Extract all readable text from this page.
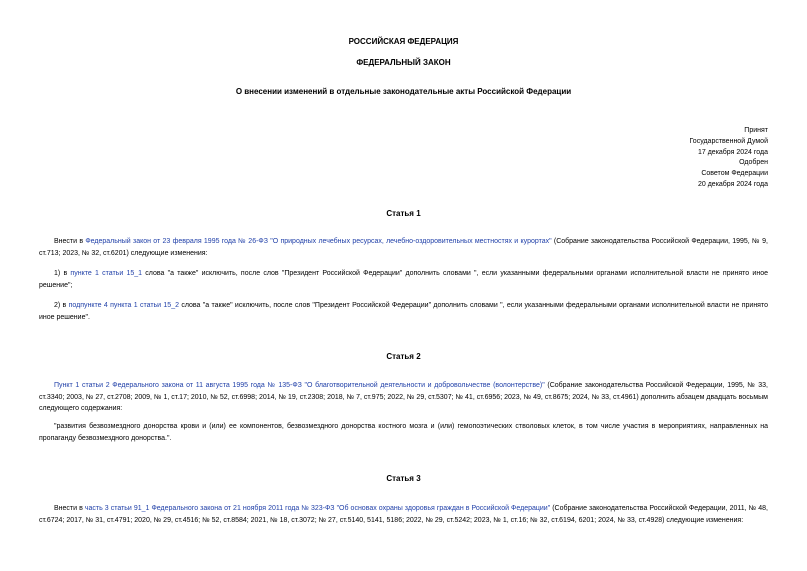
РОССИЙСКАЯ ФЕДЕРАЦИЯ
ФЕДЕРАЛЬНЫЙ ЗАКОН
О внесении изменений в отдельные законодательные акты Российской Федерации
Принят
Государственной Думой
17 декабря 2024 года
Одобрен
Советом Федерации
20 декабря 2024 года
Статья 1
Внести в Федеральный закон от 23 февраля 1995 года № 26-ФЗ "О природных лечебных ресурсах, лечебно-оздоровительных местностях и курортах" (Собрание законодательства Российской Федерации, 1995, № 9, ст.713; 2023, № 32, ст.6201) следующие изменения:
1) в пункте 1 статьи 15_1 слова "а также" исключить, после слов "Президент Российской Федерации" дополнить словами ", если указанными федеральными органами исполнительной власти не принято иное решение";
2) в подпункте 4 пункта 1 статьи 15_2 слова "а также" исключить, после слов "Президент Российской Федерации" дополнить словами ", если указанными федеральными органами исполнительной власти не принято иное решение".
Статья 2
Пункт 1 статьи 2 Федерального закона от 11 августа 1995 года № 135-ФЗ "О благотворительной деятельности и добровольчестве (волонтерстве)" (Собрание законодательства Российской Федерации, 1995, № 33, ст.3340; 2003, № 27, ст.2708; 2009, № 1, ст.17; 2010, № 52, ст.6998; 2014, № 19, ст.2308; 2018, № 7, ст.975; 2022, № 29, ст.5307; № 41, ст.6956; 2023, № 49, ст.8675; 2024, № 33, ст.4961) дополнить абзацем двадцать восьмым следующего содержания:
"развития безвозмездного донорства крови и (или) ее компонентов, безвозмездного донорства костного мозга и (или) гемопоэтических стволовых клеток, в том числе участия в мероприятиях, направленных на пропаганду безвозмездного донорства.".
Статья 3
Внести в часть 3 статьи 91_1 Федерального закона от 21 ноября 2011 года № 323-ФЗ "Об основах охраны здоровья граждан в Российской Федерации" (Собрание законодательства Российской Федерации, 2011, № 48, ст.6724; 2017, № 31, ст.4791; 2020, № 29, ст.4516; № 52, ст.8584; 2021, № 18, ст.3072; № 27, ст.5140, 5141, 5186; 2022, № 29, ст.5242; 2023, № 1, ст.16; № 32, ст.6194, 6201; 2024, № 33, ст.4928) следующие изменения:
